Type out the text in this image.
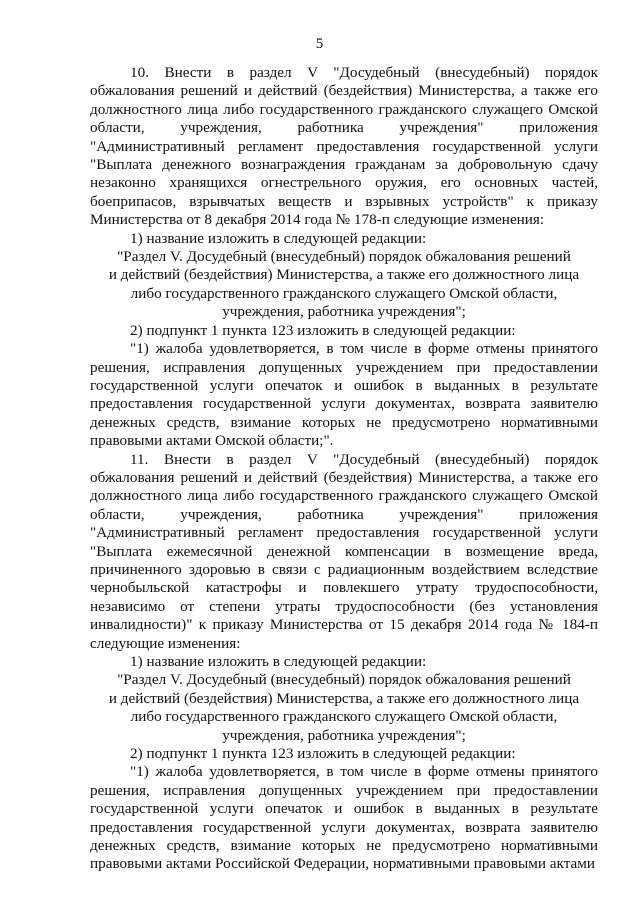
5

10. Внести в раздел V "Досудебный (внесудебный) порядок обжалования решений и действий (бездействия) Министерства, а также его должностного лица либо государственного гражданского служащего Омской области, учреждения, работника учреждения" приложения "Административный регламент предоставления государственной услуги "Выплата денежного вознаграждения гражданам за добровольную сдачу незаконно хранящихся огнестрельного оружия, его основных частей, боеприпасов, взрывчатых веществ и взрывных устройств" к приказу Министерства от 8 декабря 2014 года № 178-п следующие изменения:

1) название изложить в следующей редакции:

"Раздел V. Досудебный (внесудебный) порядок обжалования решений
и действий (бездействия) Министерства, а также его должностного лица
либо государственного гражданского служащего Омской области,
учреждения, работника учреждения";

2) подпункт 1 пункта 123 изложить в следующей редакции:

"1) жалоба удовлетворяется, в том числе в форме отмены принятого решения, исправления допущенных учреждением при предоставлении государственной услуги опечаток и ошибок в выданных в результате предоставления государственной услуги документах, возврата заявителю денежных средств, взимание которых не предусмотрено нормативными правовыми актами Омской области;".

11. Внести в раздел V "Досудебный (внесудебный) порядок обжалования решений и действий (бездействия) Министерства, а также его должностного лица либо государственного гражданского служащего Омской области, учреждения, работника учреждения" приложения "Административный регламент предоставления государственной услуги "Выплата ежемесячной денежной компенсации в возмещение вреда, причиненного здоровью в связи с радиационным воздействием вследствие чернобыльской катастрофы и повлекшего утрату трудоспособности, независимо от степени утраты трудоспособности (без установления инвалидности)" к приказу Министерства от 15 декабря 2014 года № 184-п следующие изменения:

1) название изложить в следующей редакции:

"Раздел V. Досудебный (внесудебный) порядок обжалования решений
и действий (бездействия) Министерства, а также его должностного лица
либо государственного гражданского служащего Омской области,
учреждения, работника учреждения";

2) подпункт 1 пункта 123 изложить в следующей редакции:

"1) жалоба удовлетворяется, в том числе в форме отмены принятого решения, исправления допущенных учреждением при предоставлении государственной услуги опечаток и ошибок в выданных в результате предоставления государственной услуги документах, возврата заявителю денежных средств, взимание которых не предусмотрено нормативными правовыми актами Российской Федерации, нормативными правовыми актами
